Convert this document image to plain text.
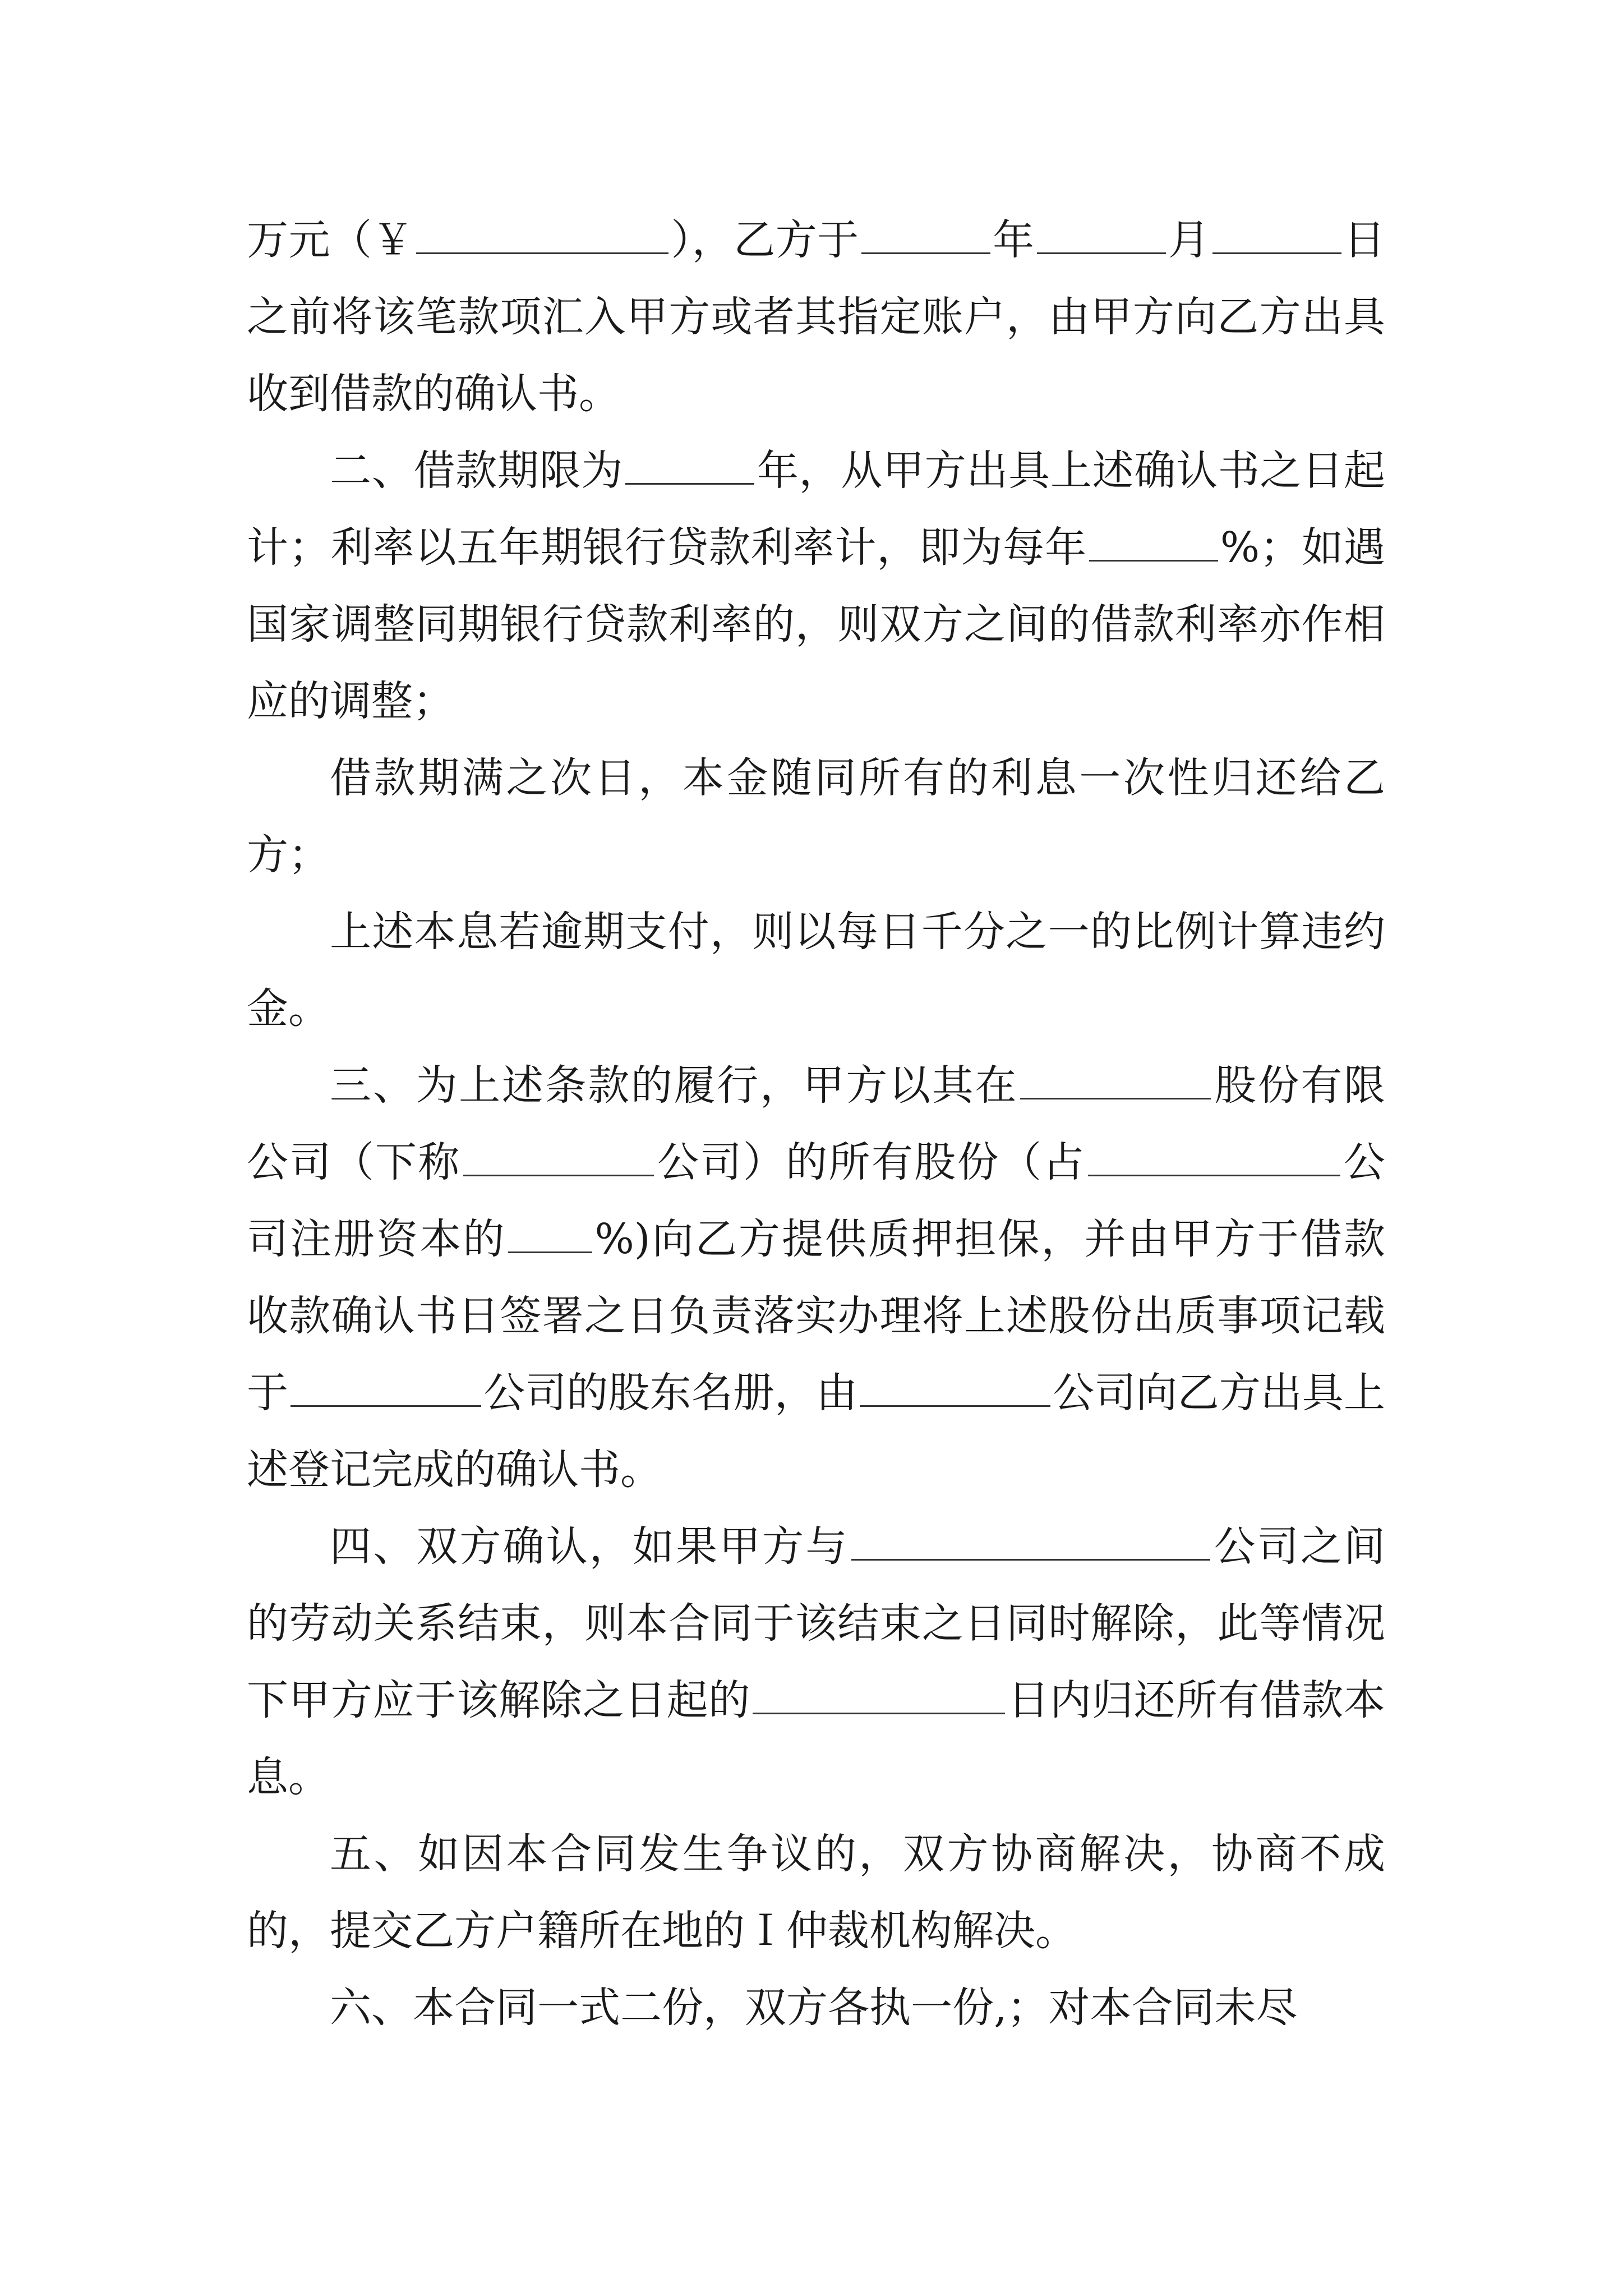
万元（￥	），乙方于	年	月	日之前将该笔款项汇入甲方或者其指定账户，由甲方向乙方出具收到借款的确认书。

二、借款期限为	年，从甲方出具上述确认书之日起计；利率以五年期银行贷款利率计，即为每年	%；如遇国家调整同期银行贷款利率的，则双方之间的借款利率亦作相应的调整；

借款期满之次日，本金随同所有的利息一次性归还给乙方；

上述本息若逾期支付，则以每日千分之一的比例计算违约金。

三、为上述条款的履行，甲方以其在	股份有限公司（下称	公司）的所有股份（占	公司注册资本的 %)向乙方提供质押担保，并由甲方于借款收款确认书日签署之日负责落实办理将上述股份出质事项记载于	公司的股东名册，由	公司向乙方出具上述登记完成的确认书。

四、双方确认，如果甲方与	公司之间的劳动关系结束，则本合同于该结束之日同时解除，此等情况下甲方应于该解除之日起的	日内归还所有借款本息。

五、如因本合同发生争议的，双方协商解决，协商不成的，提交乙方户籍所在地的Ｉ仲裁机构解决。

六、本合同一式二份，双方各执一份,；对本合同未尽
